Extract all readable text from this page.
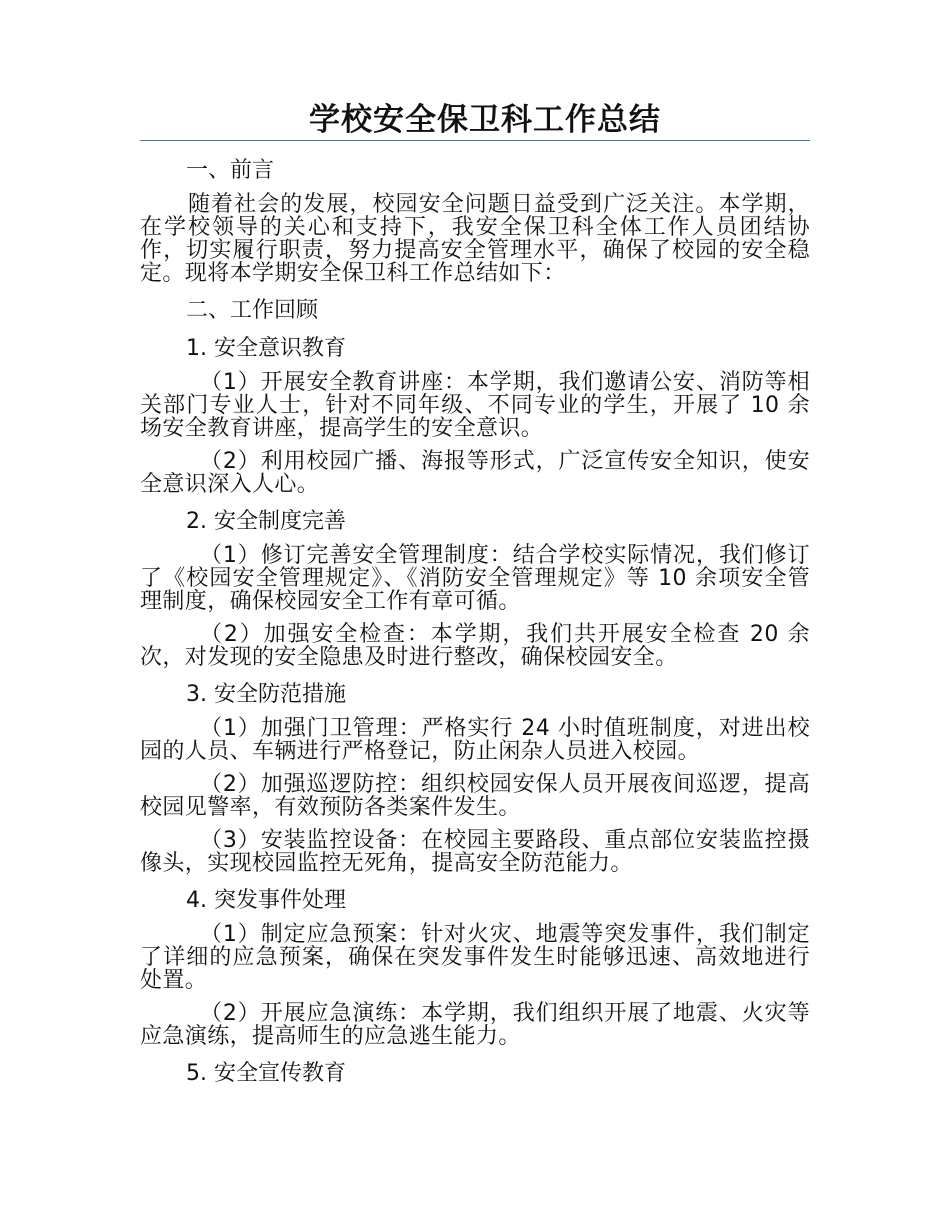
学校安全保卫科工作总结
一、前言

随着社会的发展，校园安全问题日益受到广泛关注。本学期，在学校领导的关心和支持下，我安全保卫科全体工作人员团结协作，切实履行职责，努力提高安全管理水平，确保了校园的安全稳定。现将本学期安全保卫科工作总结如下：

二、工作回顾
1. 安全意识教育

（1）开展安全教育讲座：本学期，我们邀请公安、消防等相关部门专业人士，针对不同年级、不同专业的学生，开展了 10 余场安全教育讲座，提高学生的安全意识。

（2）利用校园广播、海报等形式，广泛宣传安全知识，使安全意识深入人心。

2. 安全制度完善

（1）修订完善安全管理制度：结合学校实际情况，我们修订了《校园安全管理规定》、《消防安全管理规定》等 10 余项安全管理制度，确保校园安全工作有章可循。

（2）加强安全检查：本学期，我们共开展安全检查 20 余次，对发现的安全隐患及时进行整改，确保校园安全。

3. 安全防范措施

（1）加强门卫管理：严格实行 24 小时值班制度，对进出校园的人员、车辆进行严格登记，防止闲杂人员进入校园。

（2）加强巡逻防控：组织校园安保人员开展夜间巡逻，提高校园见警率，有效预防各类案件发生。

（3）安装监控设备：在校园主要路段、重点部位安装监控摄像头，实现校园监控无死角，提高安全防范能力。

4. 突发事件处理

（1）制定应急预案：针对火灾、地震等突发事件，我们制定了详细的应急预案，确保在突发事件发生时能够迅速、高效地进行处置。

（2）开展应急演练：本学期，我们组织开展了地震、火灾等应急演练，提高师生的应急逃生能力。

5. 安全宣传教育
